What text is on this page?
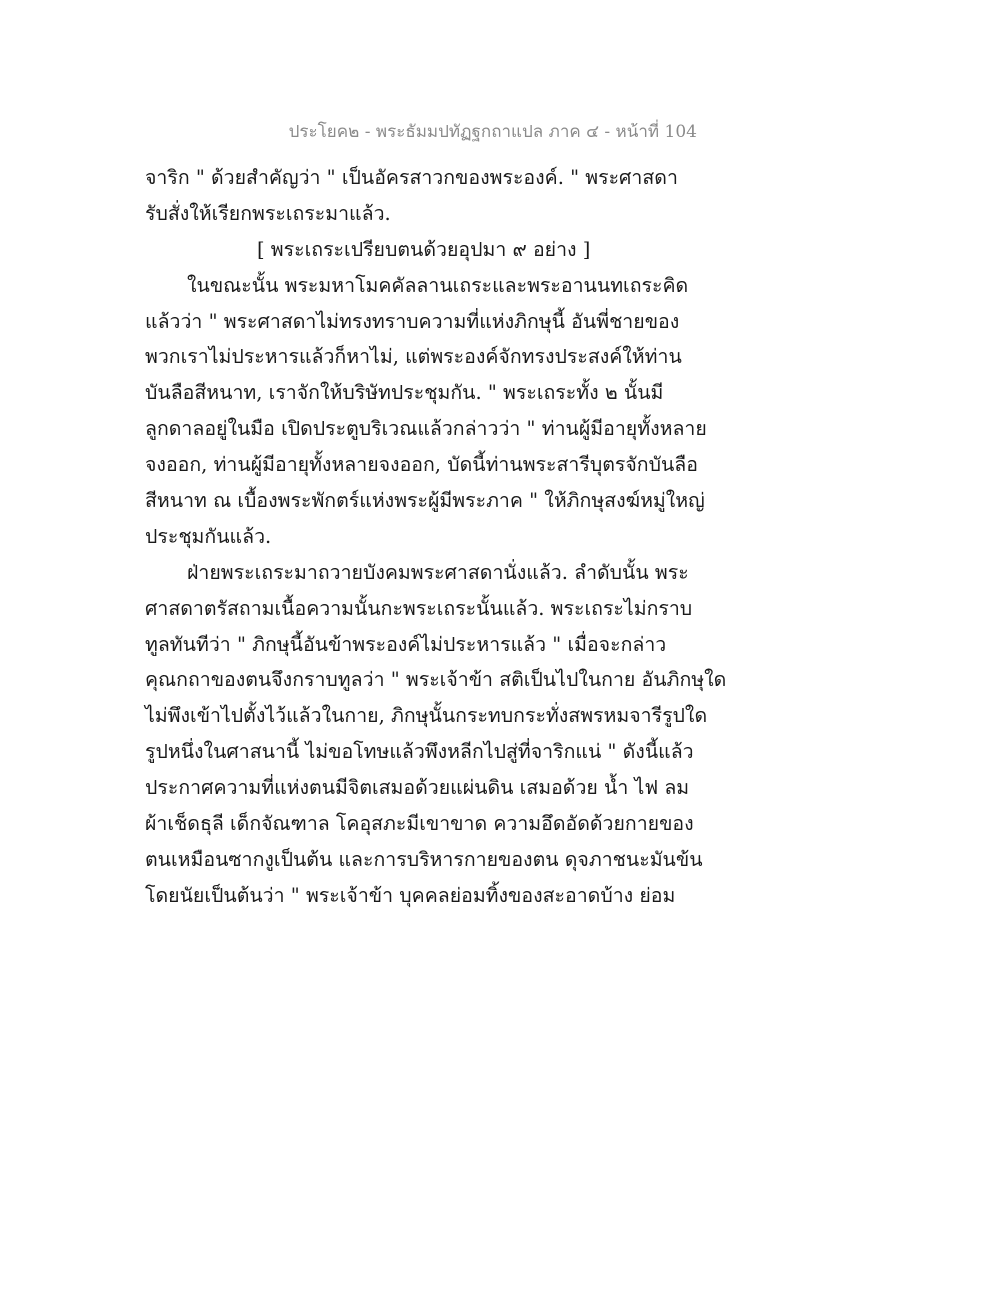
ประโยค๒ - พระธัมมปทัฏฐกถาแปล ภาค ๔ - หน้าที่ 104

จาริก " ด้วยสำคัญว่า " เป็นอัครสาวกของพระองค์. " พระศาสดา

รับสั่งให้เรียกพระเถระมาแล้ว.

[ พระเถระเปรียบตนด้วยอุปมา ๙ อย่าง ]

ในขณะนั้น พระมหาโมคคัลลานเถระและพระอานนทเถระคิด

แล้วว่า " พระศาสดาไม่ทรงทราบความที่แห่งภิกษุนี้ อันพี่ชายของ

พวกเราไม่ประหารแล้วก็หาไม่, แต่พระองค์จักทรงประสงค์ให้ท่าน

บันลือสีหนาท, เราจักให้บริษัทประชุมกัน. " พระเถระทั้ง ๒ นั้นมี

ลูกดาลอยู่ในมือ เปิดประตูบริเวณแล้วกล่าวว่า " ท่านผู้มีอายุทั้งหลาย

จงออก, ท่านผู้มีอายุทั้งหลายจงออก, บัดนี้ท่านพระสารีบุตรจักบันลือ

สีหนาท ณ เบื้องพระพักตร์แห่งพระผู้มีพระภาค " ให้ภิกษุสงฆ์หมู่ใหญ่

ประชุมกันแล้ว.

ฝ่ายพระเถระมาถวายบังคมพระศาสดานั่งแล้ว. ลำดับนั้น พระ

ศาสดาตรัสถามเนื้อความนั้นกะพระเถระนั้นแล้ว. พระเถระไม่กราบ

ทูลทันทีว่า " ภิกษุนี้อันข้าพระองค์ไม่ประหารแล้ว " เมื่อจะกล่าว

คุณกถาของตนจึงกราบทูลว่า " พระเจ้าข้า สติเป็นไปในกาย อันภิกษุใด

ไม่พึงเข้าไปตั้งไว้แล้วในกาย, ภิกษุนั้นกระทบกระทั่งสพรหมจารีรูปใด

รูปหนึ่งในศาสนานี้ ไม่ขอโทษแล้วพึงหลีกไปสู่ที่จาริกแน่ " ดังนี้แล้ว

ประกาศความที่แห่งตนมีจิตเสมอด้วยแผ่นดิน เสมอด้วย น้ำ ไฟ ลม

ผ้าเช็ดธุลี เด็กจัณฑาล โคอุสภะมีเขาขาด ความอึดอัดด้วยกายของ

ตนเหมือนซากงูเป็นต้น และการบริหารกายของตน ดุจภาชนะมันข้น

โดยนัยเป็นต้นว่า " พระเจ้าข้า บุคคลย่อมทิ้งของสะอาดบ้าง ย่อม
